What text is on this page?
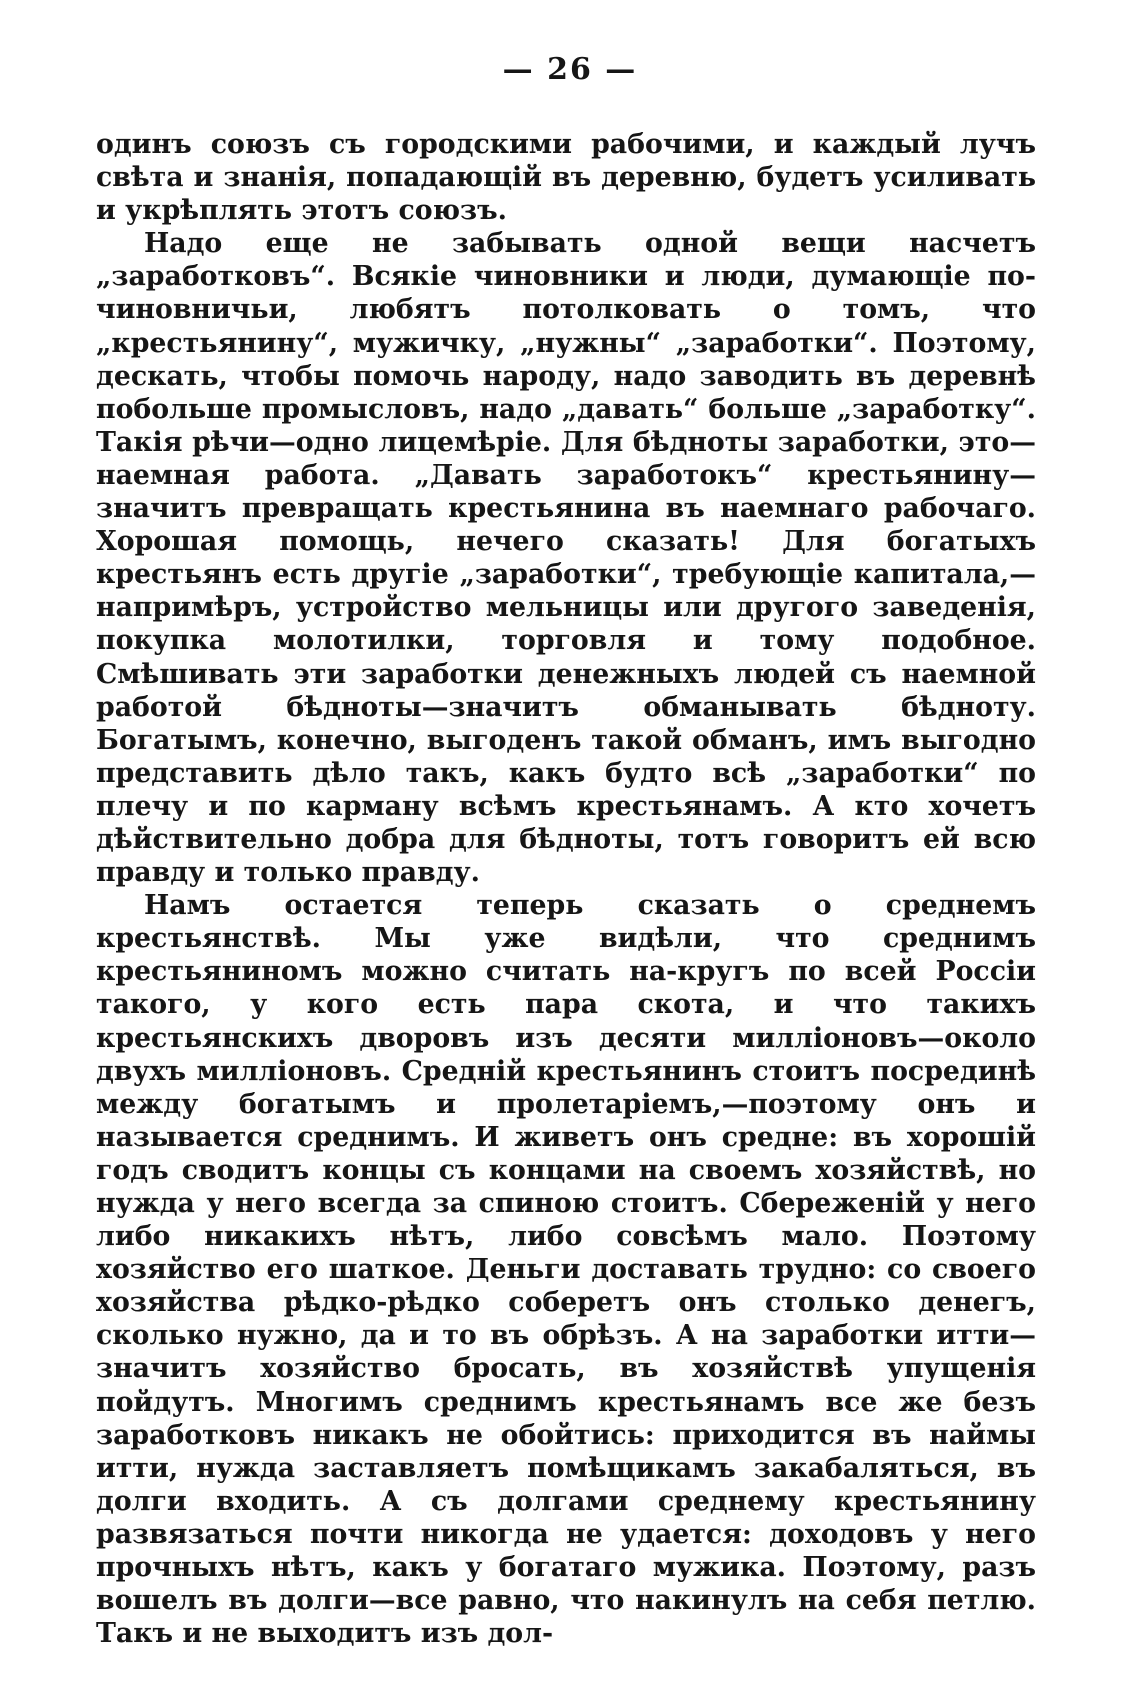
— 26 —

одинъ союзъ съ городскими рабочими, и каждый лучъ свѣта и знанія, попадающій въ деревню, будетъ усиливать и укрѣплять этотъ союзъ.

Надо еще не забывать одной вещи насчетъ „заработковъ“. Всякіе чиновники и люди, думающіе по-чиновничьи, любятъ потолковать о томъ, что „крестьянину“, мужичку, „нужны“ „заработки“. Поэтому, дескать, чтобы помочь народу, надо заводить въ деревнѣ побольше промысловъ, надо „давать“ больше „заработку“. Такія рѣчи—одно лицемѣріе. Для бѣдноты заработки, это—наемная работа. „Давать заработокъ“ крестьянину—значитъ превращать крестьянина въ наемнаго рабочаго. Хорошая помощь, нечего сказать! Для богатыхъ крестьянъ есть другіе „заработки“, требующіе капитала,—напримѣръ, устройство мельницы или другого заведенія, покупка молотилки, торговля и тому подобное. Смѣшивать эти заработки денежныхъ людей съ наемной работой бѣдноты—значитъ обманывать бѣдноту. Богатымъ, конечно, выгоденъ такой обманъ, имъ выгодно представить дѣло такъ, какъ будто всѣ „заработки“ по плечу и по карману всѣмъ крестьянамъ. А кто хочетъ дѣйствительно добра для бѣдноты, тотъ говоритъ ей всю правду и только правду.

Намъ остается теперь сказать о среднемъ крестьянствѣ. Мы уже видѣли, что среднимъ крестьяниномъ можно считать на-кругъ по всей Россіи такого, у кого есть пара скота, и что такихъ крестьянскихъ дворовъ изъ десяти милліоновъ—около двухъ милліоновъ. Средній крестьянинъ стоитъ посрединѣ между богатымъ и пролетаріемъ,—поэтому онъ и называется среднимъ. И живетъ онъ средне: въ хорошій годъ сводитъ концы съ концами на своемъ хозяйствѣ, но нужда у него всегда за спиною стоитъ. Сбереженій у него либо никакихъ нѣтъ, либо совсѣмъ мало. Поэтому хозяйство его шаткое. Деньги доставать трудно: со своего хозяйства рѣдко-рѣдко соберетъ онъ столько денегъ, сколько нужно, да и то въ обрѣзъ. А на заработки итти—значитъ хозяйство бросать, въ хозяйствѣ упущенія пойдутъ. Многимъ среднимъ крестьянамъ все же безъ заработковъ никакъ не обойтись: приходится въ наймы итти, нужда заставляетъ помѣщикамъ закабаляться, въ долги входить. А съ долгами среднему крестьянину развязаться почти никогда не удается: доходовъ у него прочныхъ нѣтъ, какъ у богатаго мужика. Поэтому, разъ вошелъ въ долги—все равно, что накинулъ на себя петлю. Такъ и не выходитъ изъ дол-
